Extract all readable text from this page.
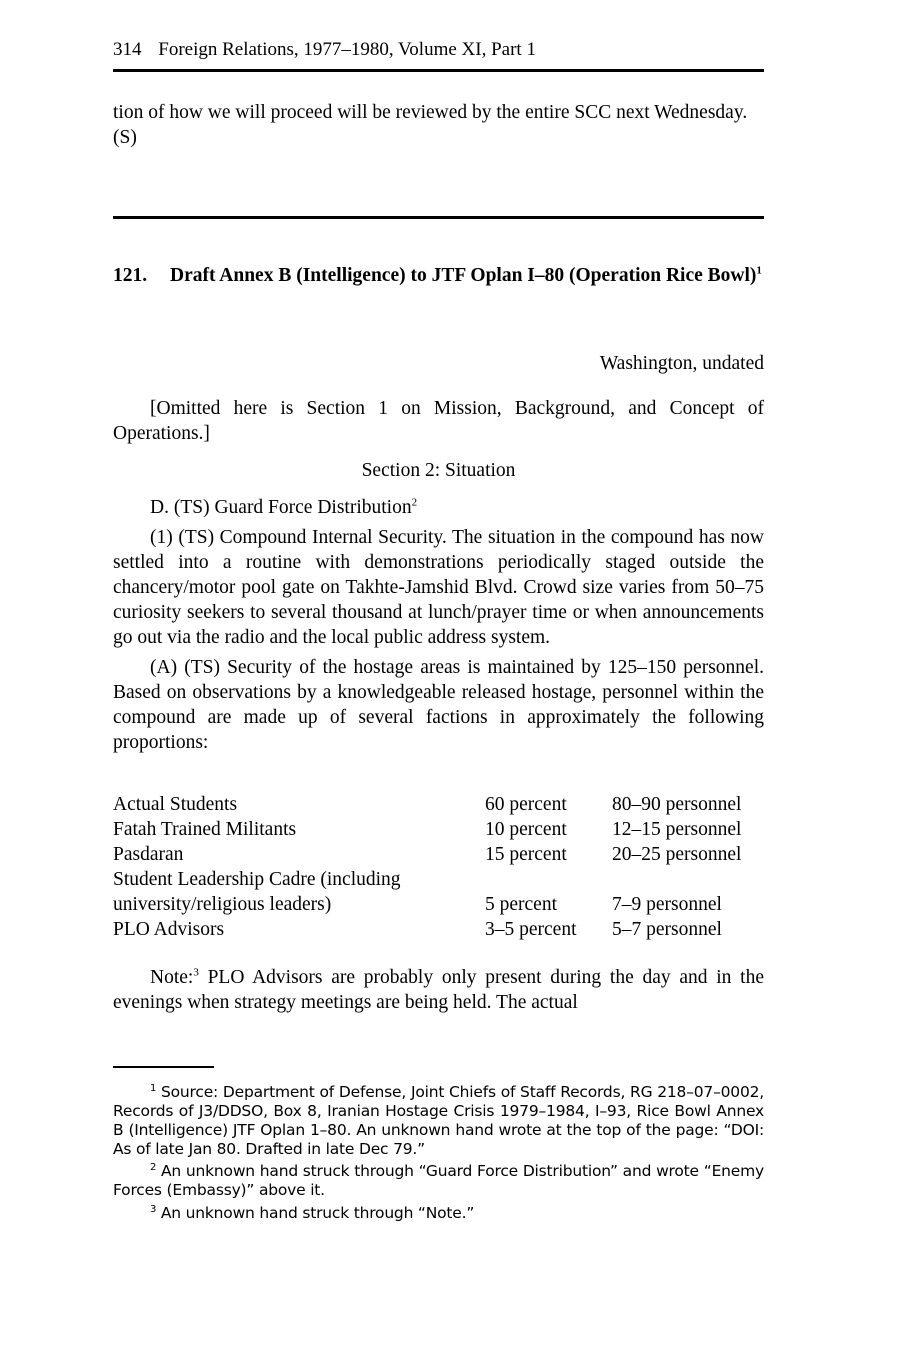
314 Foreign Relations, 1977–1980, Volume XI, Part 1

tion of how we will proceed will be reviewed by the entire SCC next Wednesday. (S)

121. Draft Annex B (Intelligence) to JTF Oplan I–80 (Operation Rice Bowl)$^1$
Washington, undated

[Omitted here is Section 1 on Mission, Background, and Concept of Operations.]

Section 2: Situation

D. (TS) Guard Force Distribution$^2$

(1) (TS) Compound Internal Security. The situation in the compound has now settled into a routine with demonstrations periodically staged outside the chancery/motor pool gate on Takhte-Jamshid Blvd. Crowd size varies from 50–75 curiosity seekers to several thousand at lunch/prayer time or when announcements go out via the radio and the local public address system.

(A) (TS) Security of the hostage areas is maintained by 125–150 personnel. Based on observations by a knowledgeable released hostage, personnel within the compound are made up of several factions in approximately the following proportions:

Actual Students	60 percent	80–90 personnel
Fatah Trained Militants	10 percent	12–15 personnel
Pasdaran	15 percent	20–25 personnel
Student Leadership Cadre (including		
university/religious leaders)	5 percent	7–9 personnel
PLO Advisors	3–5 percent	5–7 personnel

Note:$^3$ PLO Advisors are probably only present during the day and in the evenings when strategy meetings are being held. The actual

$^1$ Source: Department of Defense, Joint Chiefs of Staff Records, RG 218–07–0002, Records of J3/DDSO, Box 8, Iranian Hostage Crisis 1979–1984, I–93, Rice Bowl Annex B (Intelligence) JTF Oplan 1–80. An unknown hand wrote at the top of the page: “DOI: As of late Jan 80. Drafted in late Dec 79.”

$^2$ An unknown hand struck through “Guard Force Distribution” and wrote “Enemy Forces (Embassy)” above it.

$^3$ An unknown hand struck through “Note.”
